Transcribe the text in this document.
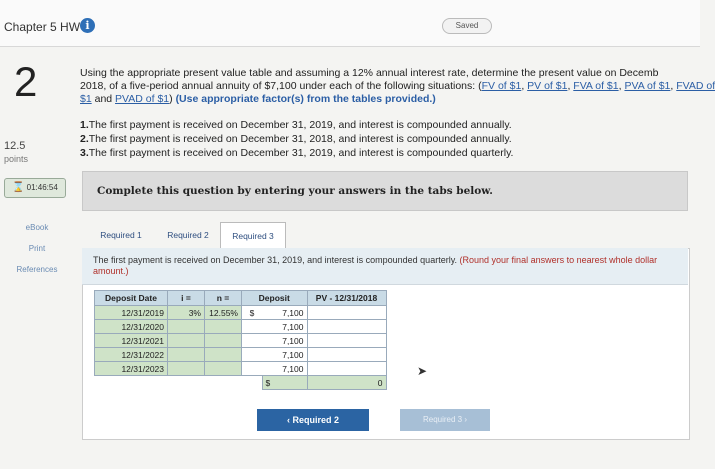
Chapter 5 HW i	Saved
2
12.5
points
⌛ 01:46:54
eBook
Print
References
Using the appropriate present value table and assuming a 12% annual interest rate, determine the present value on Decemb
2018, of a five-period annual annuity of $7,100 under each of the following situations: (FV of $1, PV of $1, FVA of $1, PVA of $1, FVAD of
$1 and PVAD of $1) (Use appropriate factor(s) from the tables provided.)
1.The first payment is received on December 31, 2019, and interest is compounded annually.
2.The first payment is received on December 31, 2018, and interest is compounded annually.
3.The first payment is received on December 31, 2019, and interest is compounded quarterly.
Complete this question by entering your answers in the tabs below.
Required 1	Required 2	Required 3
The first payment is received on December 31, 2019, and interest is compounded quarterly. (Round your final answers to nearest whole dollar amount.)
Deposit Date	i =	n =	Deposit		PV - 12/31/2018
12/31/2019	3%	12.55%	$	7,100	
12/31/2020				7,100	
12/31/2021				7,100	
12/31/2022				7,100	
12/31/2023				7,100	
				$	0
‹ Required 2	Required 3 ›
➤
